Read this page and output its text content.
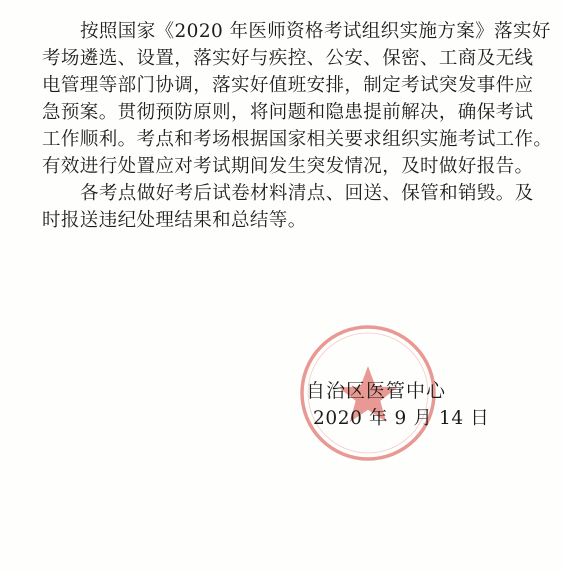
按照国家《2020 年医师资格考试组织实施方案》落实好
考场遴选、设置，落实好与疾控、公安、保密、工商及无线
电管理等部门协调，落实好值班安排，制定考试突发事件应
急预案。贯彻预防原则，将问题和隐患提前解决，确保考试
工作顺利。考点和考场根据国家相关要求组织实施考试工作。
有效进行处置应对考试期间发生突发情况，及时做好报告。
各考点做好考后试卷材料清点、回送、保管和销毁。及
时报送违纪处理结果和总结等。
自治区医管中心
2020 年 9 月 14 日
